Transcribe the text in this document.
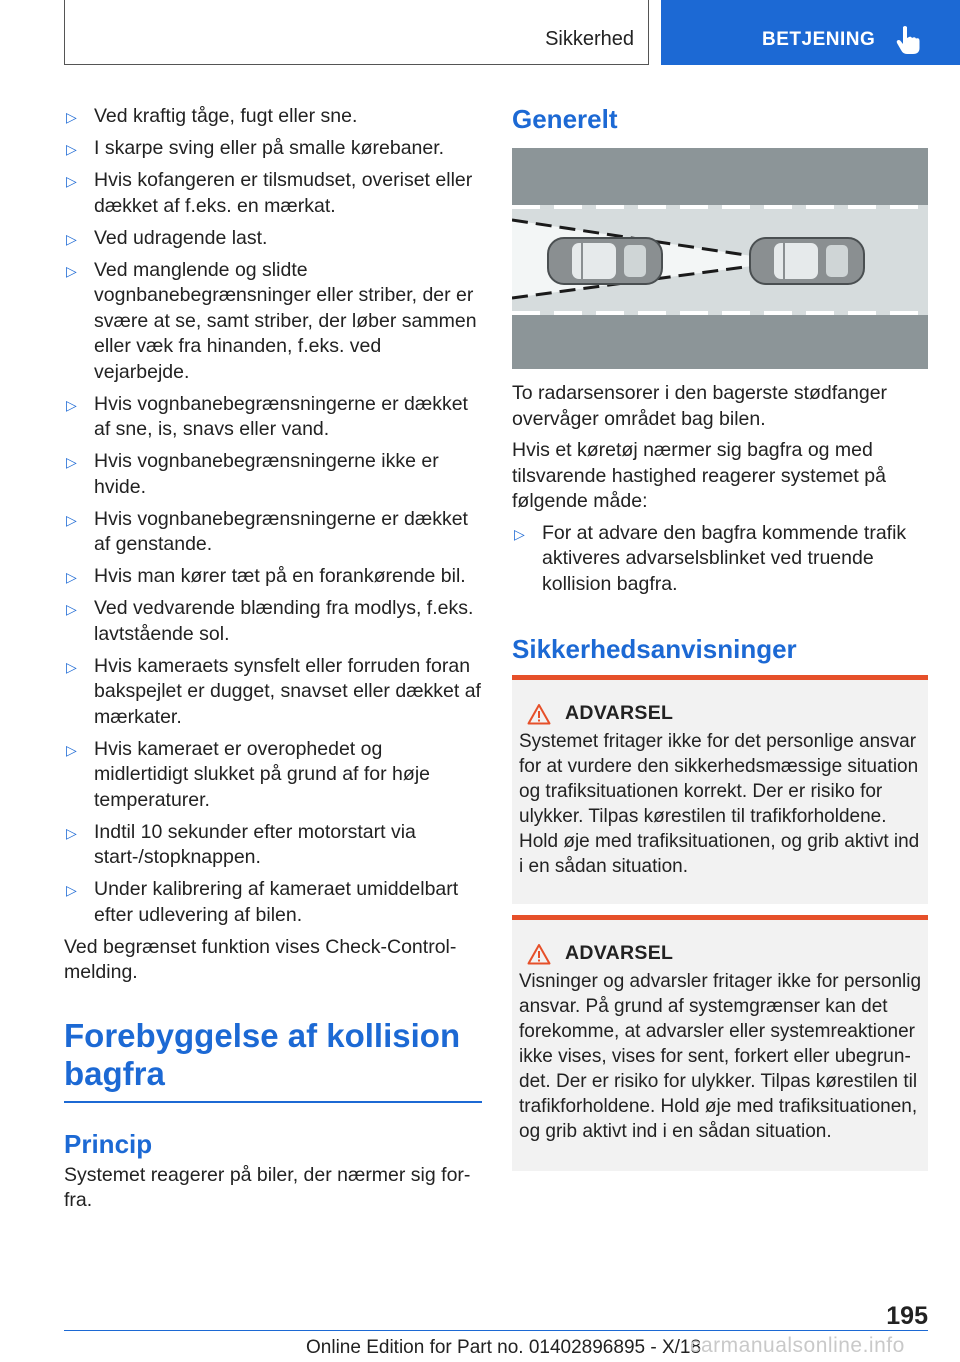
Sikkerhed	BETJENING
▷ Ved kraftig tåge, fugt eller sne.
▷ I skarpe sving eller på smalle kørebaner.
▷ Hvis kofangeren er tilsmudset, overiset eller dækket af f.eks. en mærkat.
▷ Ved udragende last.
▷ Ved manglende og slidte vognbanebegrænsninger eller striber, der er svære at se, samt striber, der løber sammen eller væk fra hinanden, f.eks. ved vejarbejde.
▷ Hvis vognbanebegrænsningerne er dækket af sne, is, snavs eller vand.
▷ Hvis vognbanebegrænsningerne ikke er hvide.
▷ Hvis vognbanebegrænsningerne er dækket af genstande.
▷ Hvis man kører tæt på en forankørende bil.
▷ Ved vedvarende blænding fra modlys, f.eks. lavtstående sol.
▷ Hvis kameraets synsfelt eller forruden foran bakspejlet er dugget, snavset eller dækket af mærkater.
▷ Hvis kameraet er overophedet og midlertidigt slukket på grund af for høje temperaturer.
▷ Indtil 10 sekunder efter motorstart via start-/stopknappen.
▷ Under kalibrering af kameraet umiddelbart efter udlevering af bilen.

Ved begrænset funktion vises Check-Control-melding.

Forebyggelse af kollision bagfra
Princip

Systemet reagerer på biler, der nærmer sig forfra.

Generelt

To radarsensorer i den bagerste stødfanger overvåger området bag bilen.

Hvis et køretøj nærmer sig bagfra og med tilsvarende hastighed reagerer systemet på følgende måde:

▷ For at advare den bagfra kommende trafik aktiveres advarselsblinket ved truende kollision bagfra.
Sikkerhedsanvisninger
ADVARSEL

Systemet fritager ikke for det personlige ansvar for at vurdere den sikkerhedsmæssige situation og trafiksituationen korrekt. Der er risiko for ulykker. Tilpas kørestilen til trafikforholdene. Hold øje med trafiksituationen, og grib aktivt ind i en sådan situation.

ADVARSEL

Visninger og advarsler fritager ikke for personlig ansvar. På grund af systemgrænser kan det forekomme, at advarsler eller systemreaktioner ikke vises, vises for sent, forkert eller ubegrundet. Der er risiko for ulykker. Tilpas kørestilen til trafikforholdene. Hold øje med trafiksituationen, og grib aktivt ind i en sådan situation.

195
Online Edition for Part no. 01402896895 - X/18
carmanualsonline.info
